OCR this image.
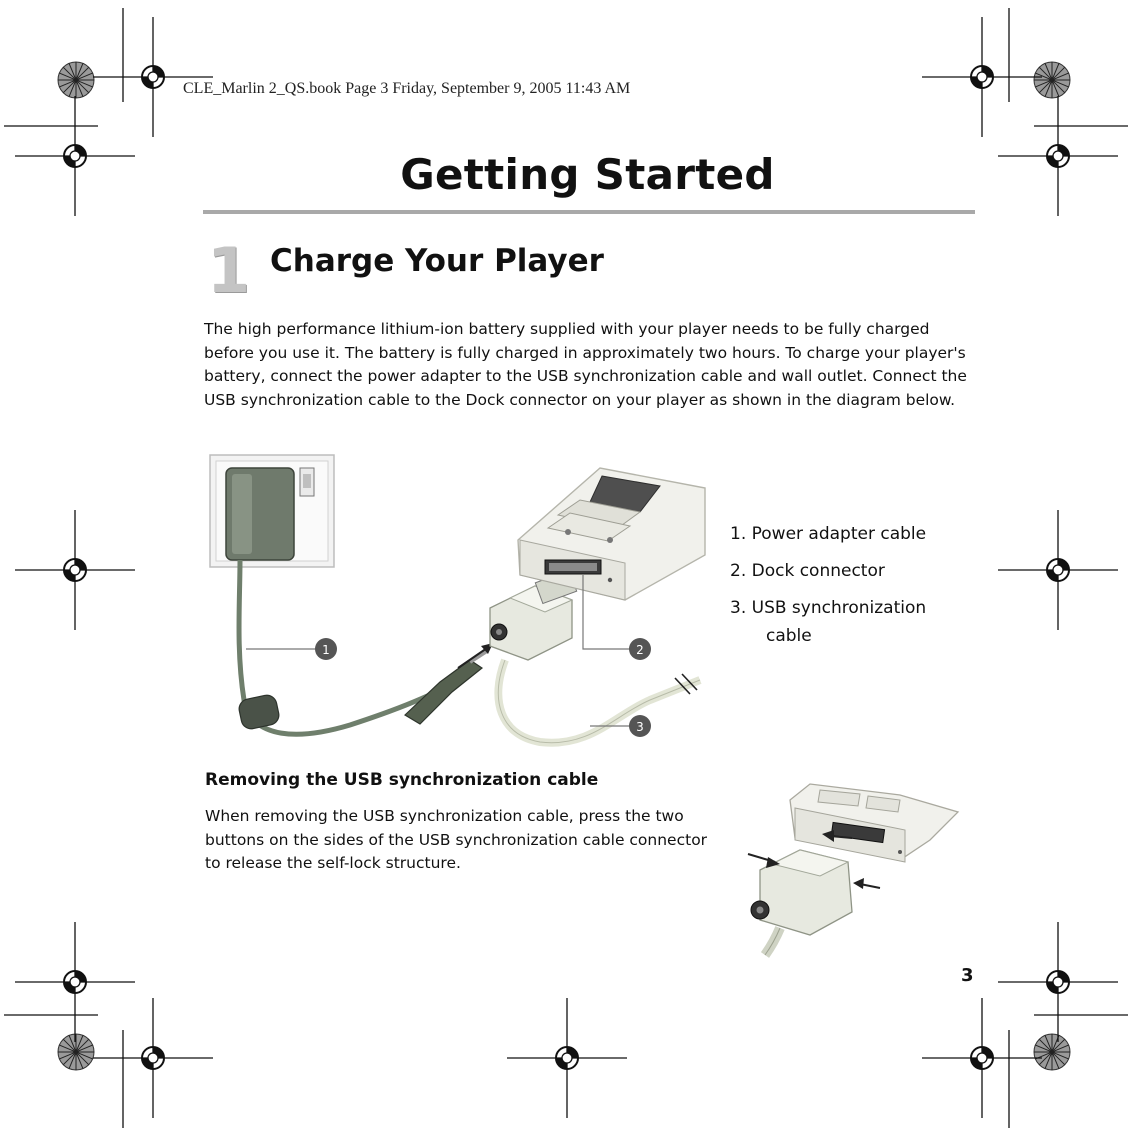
1	2
3
CLE_Marlin 2_QS.book Page 3 Friday, September 9, 2005 11:43 AM
Getting Started
1 Charge Your Player
The high performance lithium-ion battery supplied with your player needs to be fully charged before you use it. The battery is fully charged in approximately two hours. To charge your player's battery, connect the power adapter to the USB synchronization cable and wall outlet. Connect the USB synchronization cable to the Dock connector on your player as shown in the diagram below.
1. Power adapter cable
2. Dock connector
3. USB synchronization
cable
Removing the USB synchronization cable
When removing the USB synchronization cable, press the two buttons on the sides of the USB synchronization cable connector to release the self-lock structure.
3
